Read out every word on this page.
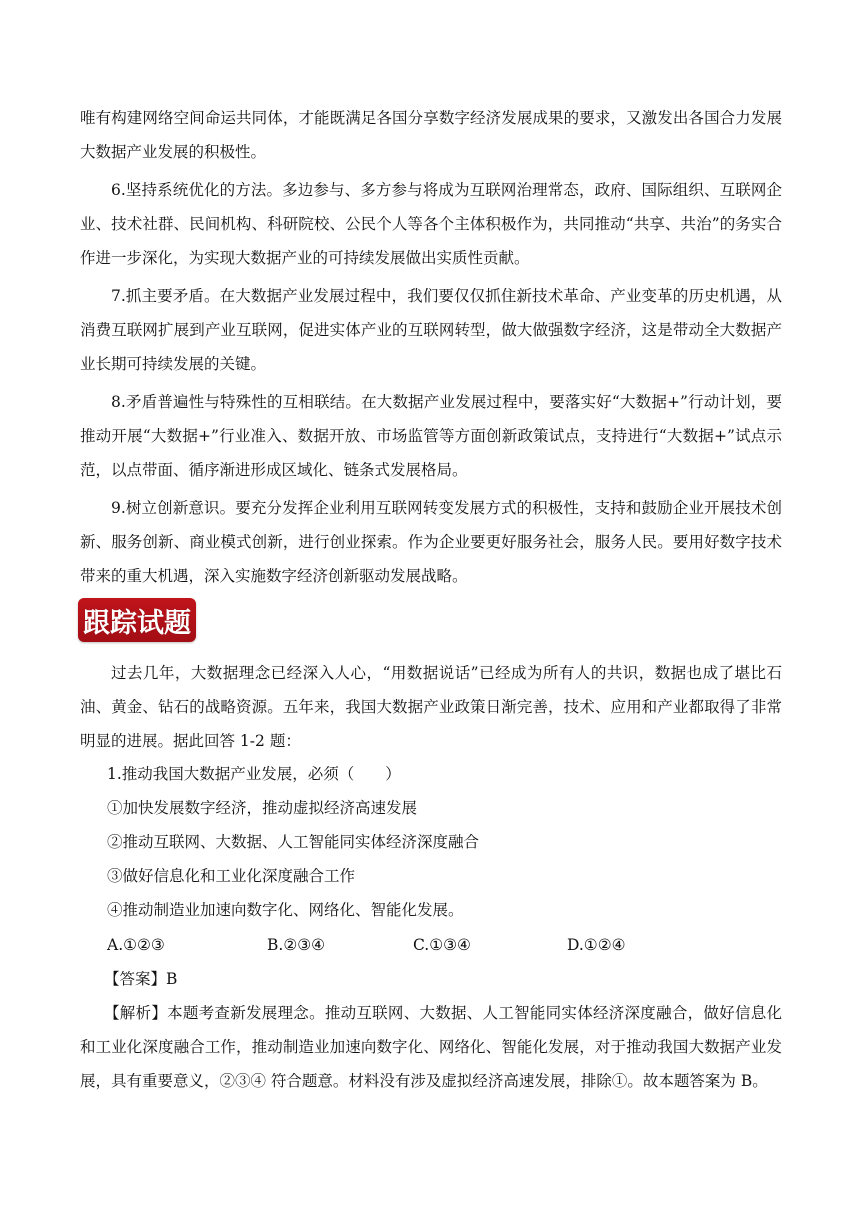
唯有构建网络空间命运共同体，才能既满足各国分享数字经济发展成果的要求，又激发出各国合力发展大数据产业发展的积极性。

6.坚持系统优化的方法。多边参与、多方参与将成为互联网治理常态，政府、国际组织、互联网企业、技术社群、民间机构、科研院校、公民个人等各个主体积极作为，共同推动“共享、共治”的务实合作进一步深化，为实现大数据产业的可持续发展做出实质性贡献。

7.抓主要矛盾。在大数据产业发展过程中，我们要仅仅抓住新技术革命、产业变革的历史机遇，从消费互联网扩展到产业互联网，促进实体产业的互联网转型，做大做强数字经济，这是带动全大数据产业长期可持续发展的关键。

8.矛盾普遍性与特殊性的互相联结。在大数据产业发展过程中，要落实好“大数据+”行动计划，要推动开展“大数据+”行业准入、数据开放、市场监管等方面创新政策试点，支持进行“大数据+”试点示范，以点带面、循序渐进形成区域化、链条式发展格局。

9.树立创新意识。要充分发挥企业利用互联网转变发展方式的积极性，支持和鼓励企业开展技术创新、服务创新、商业模式创新，进行创业探索。作为企业要更好服务社会，服务人民。要用好数字技术带来的重大机遇，深入实施数字经济创新驱动发展战略。

跟踪试题

过去几年，大数据理念已经深入人心，“用数据说话”已经成为所有人的共识，数据也成了堪比石油、黄金、钻石的战略资源。五年来，我国大数据产业政策日渐完善，技术、应用和产业都取得了非常明显的进展。据此回答 1-2 题：

1.推动我国大数据产业发展，必须（　　）

①加快发展数字经济，推动虚拟经济高速发展

②推动互联网、大数据、人工智能同实体经济深度融合

③做好信息化和工业化深度融合工作

④推动制造业加速向数字化、网络化、智能化发展。

A.①②③	B.②③④	C.①③④	D.①②④

【答案】B

【解析】本题考查新发展理念。推动互联网、大数据、人工智能同实体经济深度融合，做好信息化和工业化深度融合工作，推动制造业加速向数字化、网络化、智能化发展，对于推动我国大数据产业发展，具有重要意义，②③④ 符合题意。材料没有涉及虚拟经济高速发展，排除①。故本题答案为 B。
